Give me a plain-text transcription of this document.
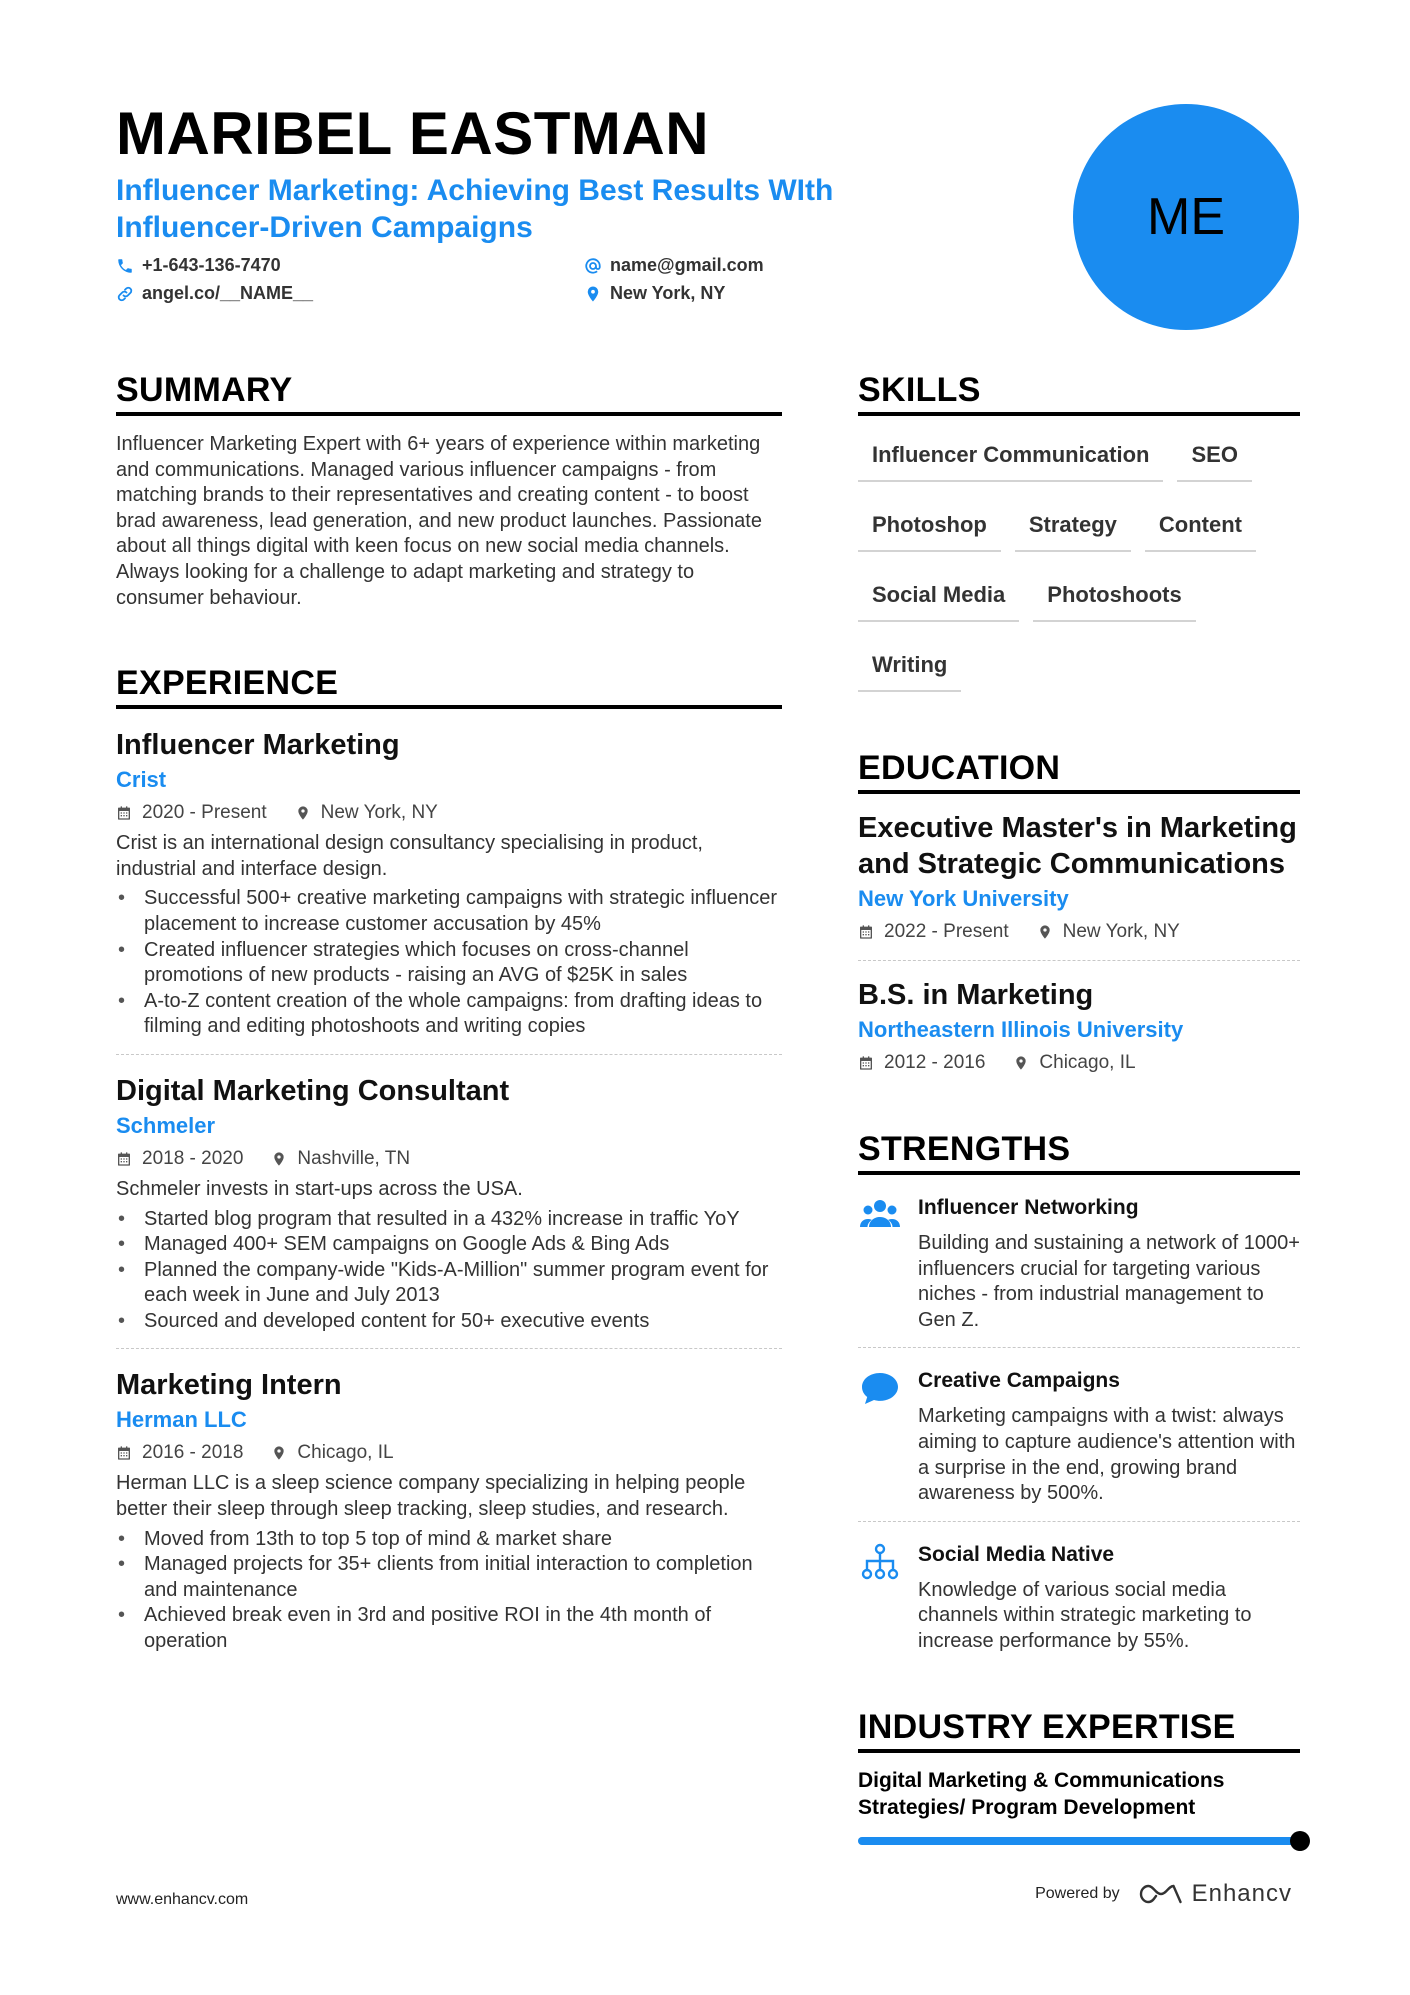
MARIBEL EASTMAN

Influencer Marketing: Achieving Best Results WIth Influencer-Driven Campaigns

+1-643-136-7470	name@gmail.com
angel.co/__NAME__	New York, NY
ME
SUMMARY

Influencer Marketing Expert with 6+ years of experience within marketing and communications. Managed various influencer campaigns - from matching brands to their representatives and creating content - to boost brad awareness, lead generation, and new product launches. Passionate about all things digital with keen focus on new social media channels. Always looking for a challenge to adapt marketing and strategy to consumer behaviour.

EXPERIENCE
Influencer Marketing
Crist
2020 - Present	New York, NY

Crist is an international design consultancy specialising in product, industrial and interface design.

• Successful 500+ creative marketing campaigns with strategic influencer placement to increase customer accusation by 45%
• Created influencer strategies which focuses on cross-channel promotions of new products - raising an AVG of $25K in sales
• A-to-Z content creation of the whole campaigns: from drafting ideas to filming and editing photoshoots and writing copies
Digital Marketing Consultant
Schmeler
2018 - 2020	Nashville, TN

Schmeler invests in start-ups across the USA.

• Started blog program that resulted in a 432% increase in traffic YoY
• Managed 400+ SEM campaigns on Google Ads & Bing Ads
• Planned the company-wide "Kids-A-Million" summer program event for each week in June and July 2013
• Sourced and developed content for 50+ executive events
Marketing Intern
Herman LLC
2016 - 2018	Chicago, IL

Herman LLC is a sleep science company specializing in helping people better their sleep through sleep tracking, sleep studies, and research.

• Moved from 13th to top 5 top of mind & market share
• Managed projects for 35+ clients from initial interaction to completion and maintenance
• Achieved break even in 3rd and positive ROI in the 4th month of operation
SKILLS
Influencer Communication	SEO
Photoshop	Strategy	Content
Social Media	Photoshoots
Writing
EDUCATION
Executive Master's in Marketing and Strategic Communications
New York University
2022 - Present	New York, NY
B.S. in Marketing
Northeastern Illinois University
2012 - 2016	Chicago, IL
STRENGTHS
Influencer Networking

Building and sustaining a network of 1000+ influencers crucial for targeting various niches - from industrial management to Gen Z.

Creative Campaigns

Marketing campaigns with a twist: always aiming to capture audience's attention with a surprise in the end, growing brand awareness by 500%.

Social Media Native

Knowledge of various social media channels within strategic marketing to increase performance by 55%.

INDUSTRY EXPERTISE
Digital Marketing & Communications Strategies/ Program Development
www.enhancv.com	Powered by	Enhancv
